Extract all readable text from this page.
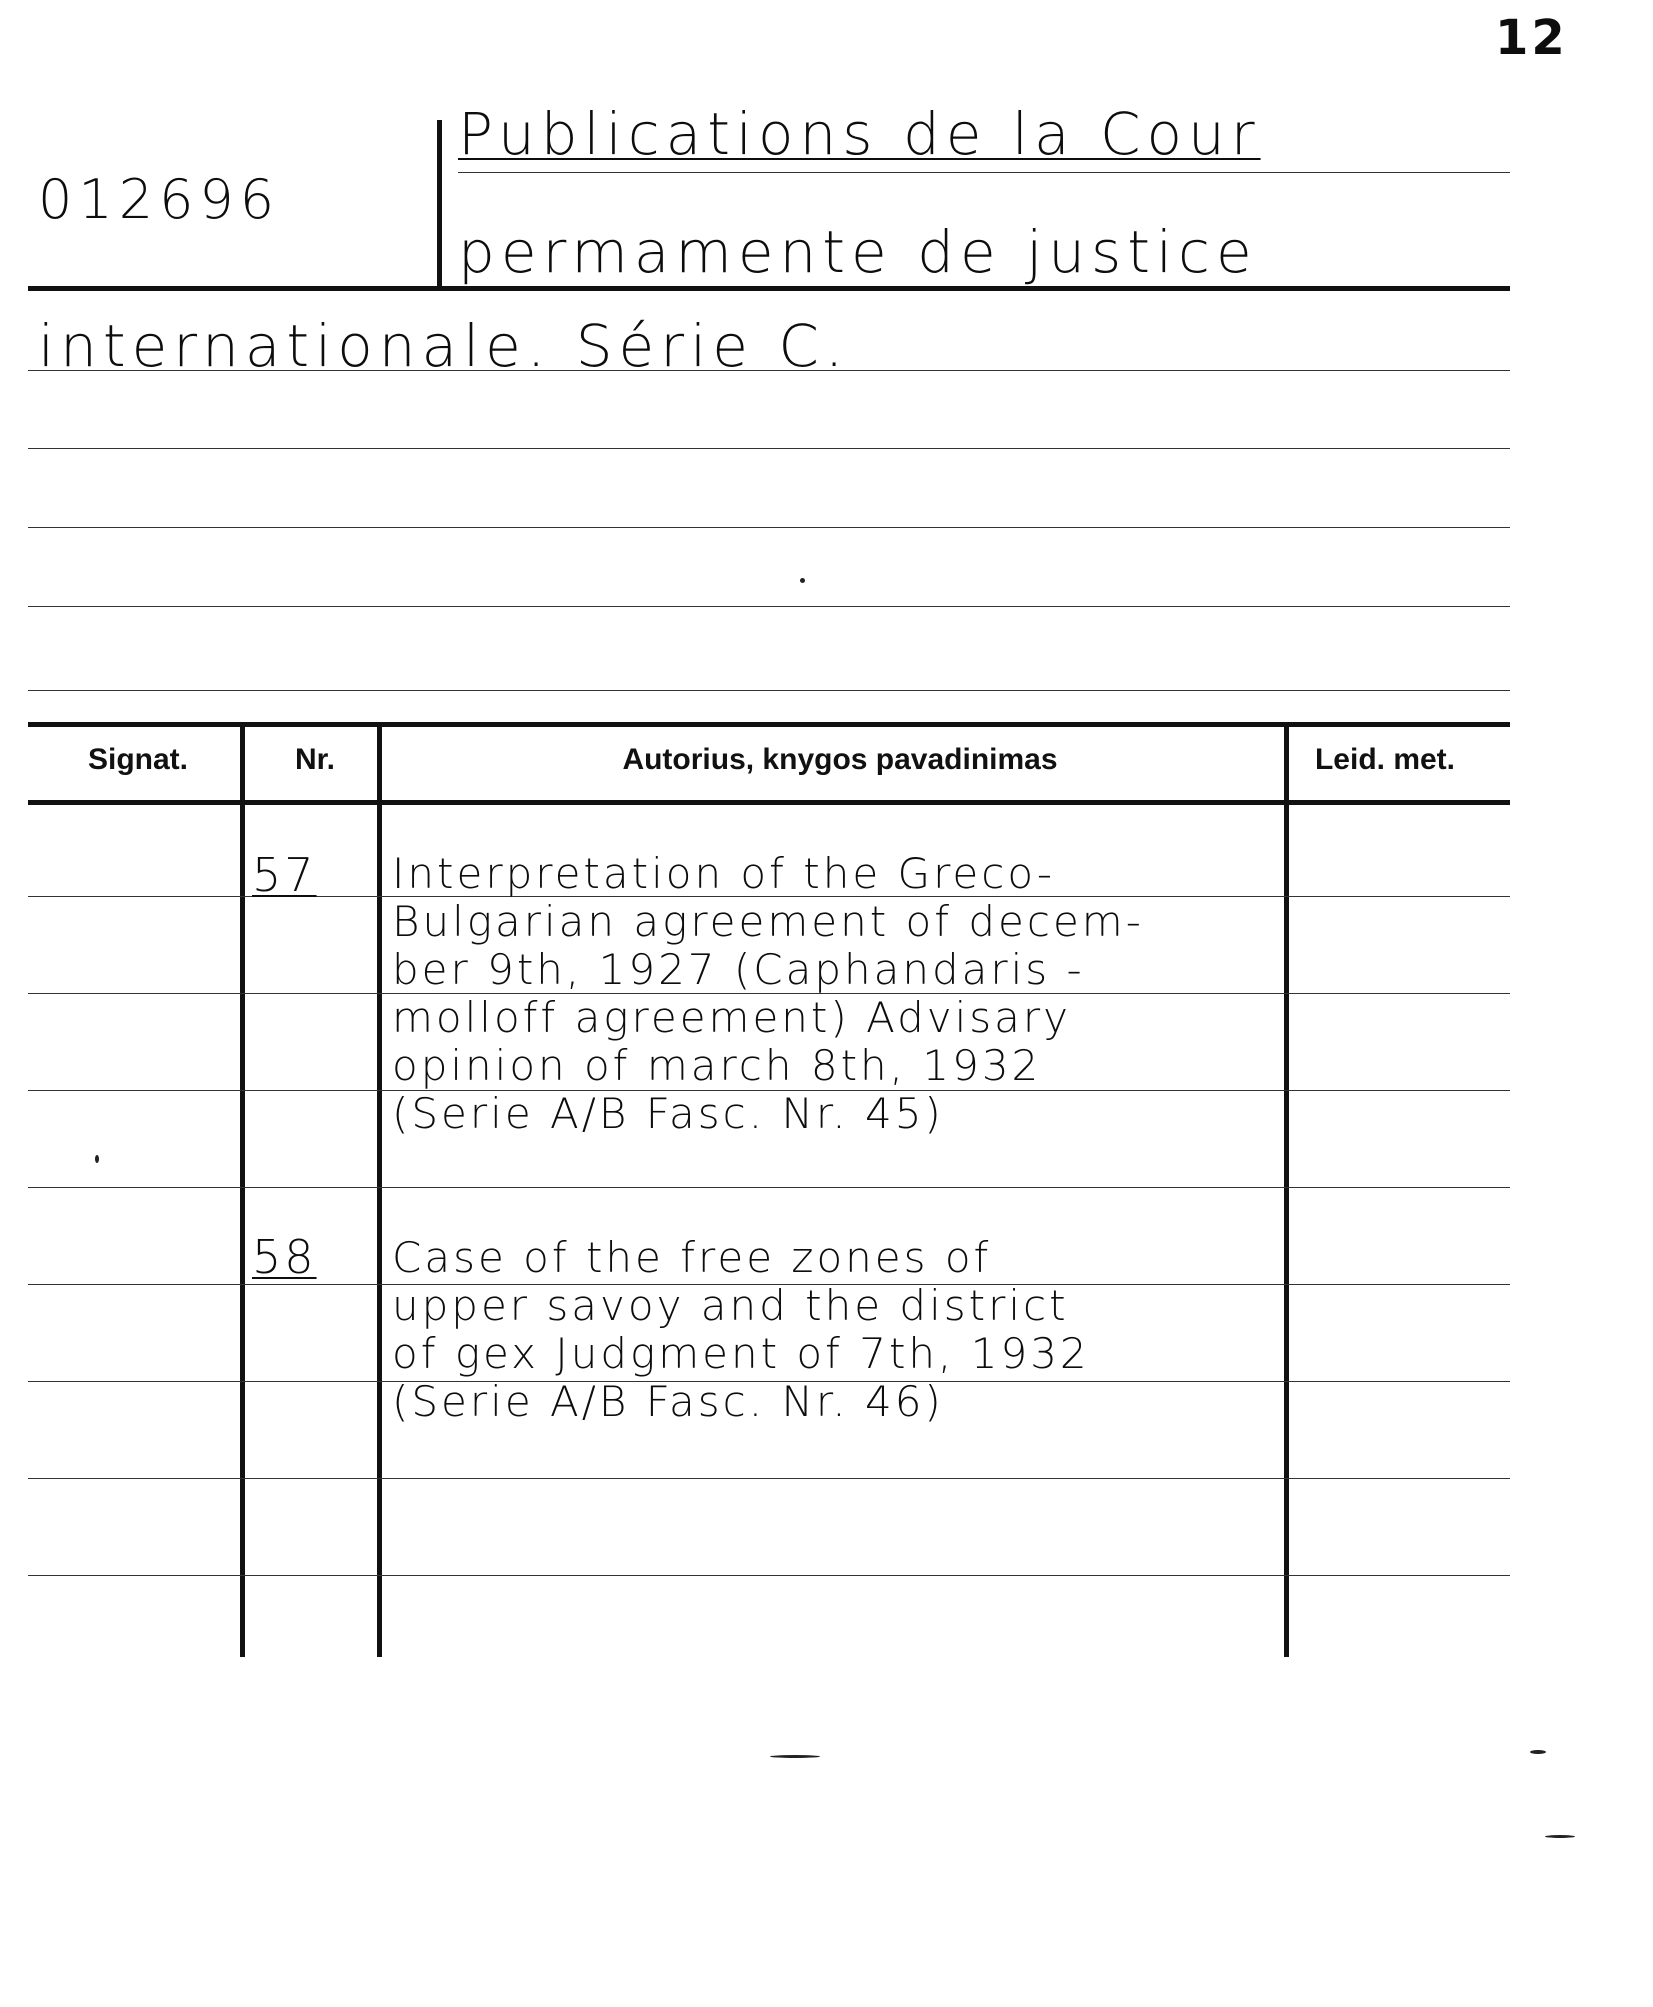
12
012696
Publications de la Cour
permamente de justice
internationale. Série C.
Signat.	Nr.	Autorius, knygos pavadinimas	Leid. met.
57 Interpretation of the Greco-
Bulgarian agreement of decem-
ber 9th, 1927 (Caphandaris -
molloff agreement) Advisary
opinion of march 8th, 1932
(Serie A/B Fasc. Nr. 45)
58 Case of the free zones of
upper savoy and the district
of gex Judgment of 7th, 1932
(Serie A/B Fasc. Nr. 46)
